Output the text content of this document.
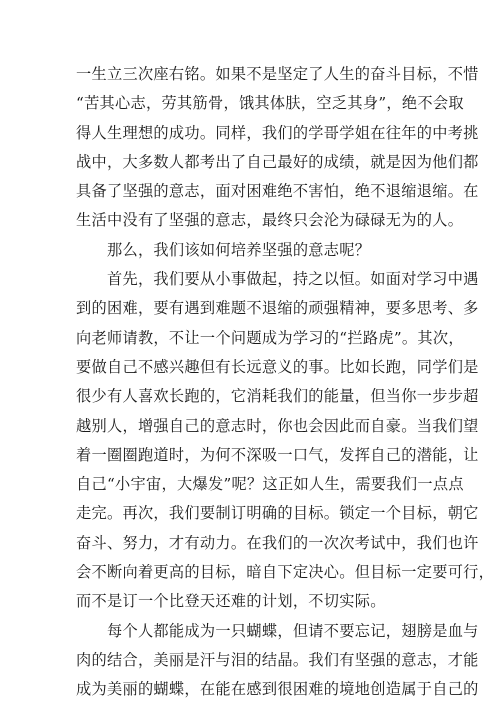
一生立三次座右铭。如果不是坚定了人生的奋斗目标，不惜
“苦其心志，劳其筋骨，饿其体肤，空乏其身”，绝不会取
得人生理想的成功。同样，我们的学哥学姐在往年的中考挑
战中，大多数人都考出了自己最好的成绩，就是因为他们都
具备了坚强的意志，面对困难绝不害怕，绝不退缩退缩。在
生活中没有了坚强的意志，最终只会沦为碌碌无为的人。
　　那么，我们该如何培养坚强的意志呢？
　　首先，我们要从小事做起，持之以恒。如面对学习中遇
到的困难，要有遇到难题不退缩的顽强精神，要多思考、多
向老师请教，不让一个问题成为学习的“拦路虎”。其次，
要做自己不感兴趣但有长远意义的事。比如长跑，同学们是
很少有人喜欢长跑的，它消耗我们的能量，但当你一步步超
越别人，增强自己的意志时，你也会因此而自豪。当我们望
着一圈圈跑道时，为何不深吸一口气，发挥自己的潜能，让
自己“小宇宙，大爆发”呢？这正如人生，需要我们一点点
走完。再次，我们要制订明确的目标。锁定一个目标，朝它
奋斗、努力，才有动力。在我们的一次次考试中，我们也许
会不断向着更高的目标，暗自下定决心。但目标一定要可行，
而不是订一个比登天还难的计划，不切实际。
　　每个人都能成为一只蝴蝶，但请不要忘记，翅膀是血与
肉的结合，美丽是汗与泪的结晶。我们有坚强的意志，才能
成为美丽的蝴蝶，在能在感到很困难的境地创造属于自己的
